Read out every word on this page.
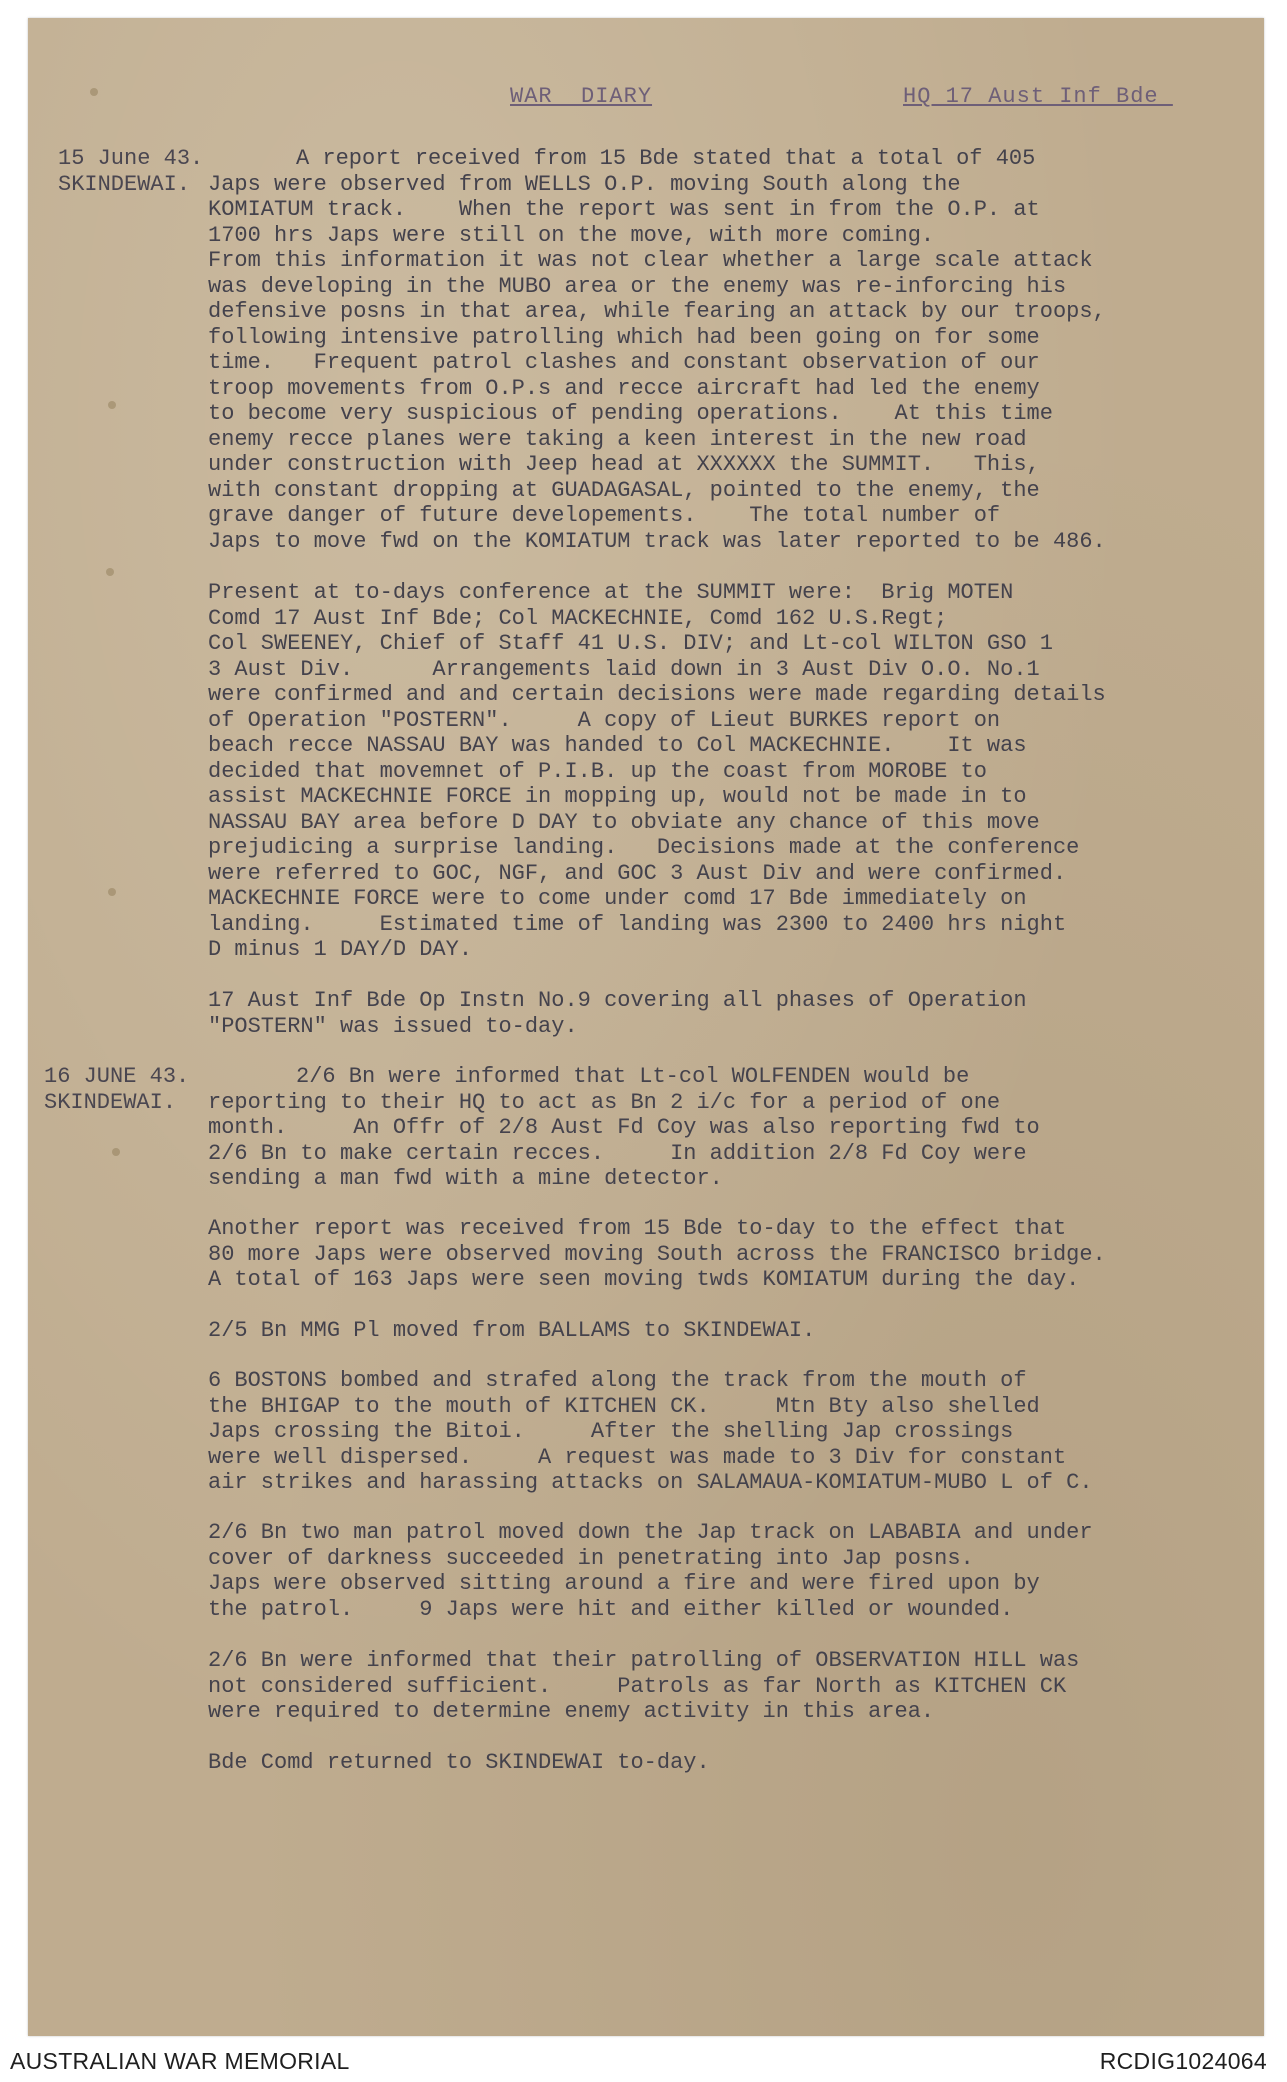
WAR  DIARY	HQ 17 Aust Inf Bde
15 June 43.
SKINDEWAI.

A report received from 15 Bde stated that a total of 405
Japs were observed from WELLS O.P. moving South along the
KOMIATUM track.    When the report was sent in from the O.P. at
1700 hrs Japs were still on the move, with more coming.
From this information it was not clear whether a large scale attack
was developing in the MUBO area or the enemy was re-inforcing his
defensive posns in that area, while fearing an attack by our troops,
following intensive patrolling which had been going on for some
time.   Frequent patrol clashes and constant observation of our
troop movements from O.P.s and recce aircraft had led the enemy
to become very suspicious of pending operations.    At this time
enemy recce planes were taking a keen interest in the new road
under construction with Jeep head at XXXXXX the SUMMIT.   This,
with constant dropping at GUADAGASAL, pointed to the enemy, the
grave danger of future developements.    The total number of
Japs to move fwd on the KOMIATUM track was later reported to be 486.

Present at to-days conference at the SUMMIT were:  Brig MOTEN
Comd 17 Aust Inf Bde; Col MACKECHNIE, Comd 162 U.S.Regt;
Col SWEENEY, Chief of Staff 41 U.S. DIV; and Lt-col WILTON GSO 1
3 Aust Div.      Arrangements laid down in 3 Aust Div O.O. No.1
were confirmed and and certain decisions were made regarding details
of Operation "POSTERN".     A copy of Lieut BURKES report on
beach recce NASSAU BAY was handed to Col MACKECHNIE.    It was
decided that movemnet of P.I.B. up the coast from MOROBE to
assist MACKECHNIE FORCE in mopping up, would not be made in to
NASSAU BAY area before D DAY to obviate any chance of this move
prejudicing a surprise landing.   Decisions made at the conference
were referred to GOC, NGF, and GOC 3 Aust Div and were confirmed.
MACKECHNIE FORCE were to come under comd 17 Bde immediately on
landing.     Estimated time of landing was 2300 to 2400 hrs night
D minus 1 DAY/D DAY.

17 Aust Inf Bde Op Instn No.9 covering all phases of Operation
"POSTERN" was issued to-day.

16 JUNE 43.
SKINDEWAI.

2/6 Bn were informed that Lt-col WOLFENDEN would be
reporting to their HQ to act as Bn 2 i/c for a period of one
month.     An Offr of 2/8 Aust Fd Coy was also reporting fwd to
2/6 Bn to make certain recces.     In addition 2/8 Fd Coy were
sending a man fwd with a mine detector.

Another report was received from 15 Bde to-day to the effect that
80 more Japs were observed moving South across the FRANCISCO bridge.
A total of 163 Japs were seen moving twds KOMIATUM during the day.

2/5 Bn MMG Pl moved from BALLAMS to SKINDEWAI.

6 BOSTONS bombed and strafed along the track from the mouth of
the BHIGAP to the mouth of KITCHEN CK.     Mtn Bty also shelled
Japs crossing the Bitoi.     After the shelling Jap crossings
were well dispersed.     A request was made to 3 Div for constant
air strikes and harassing attacks on SALAMAUA-KOMIATUM-MUBO L of C.

2/6 Bn two man patrol moved down the Jap track on LABABIA and under
cover of darkness succeeded in penetrating into Jap posns.
Japs were observed sitting around a fire and were fired upon by
the patrol.     9 Japs were hit and either killed or wounded.

2/6 Bn were informed that their patrolling of OBSERVATION HILL was
not considered sufficient.     Patrols as far North as KITCHEN CK
were required to determine enemy activity in this area.

Bde Comd returned to SKINDEWAI to-day.

AUSTRALIAN WAR MEMORIAL	RCDIG1024064
